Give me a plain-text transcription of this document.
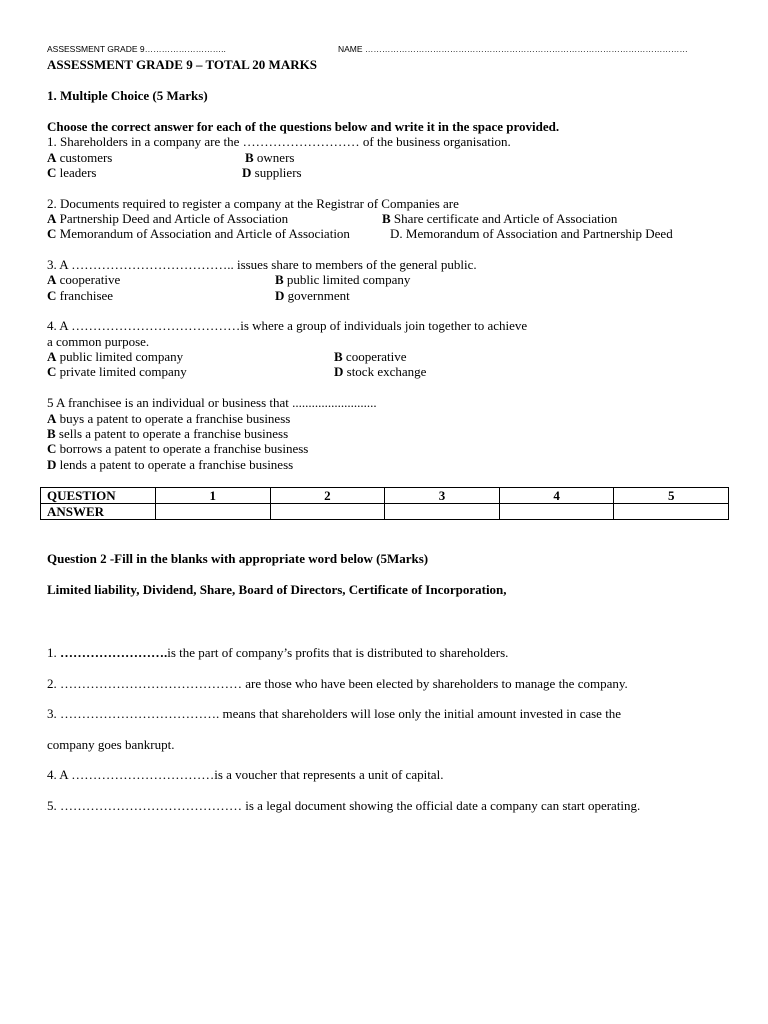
ASSESSMENT GRADE 9………………………..	NAME ……………………………………………………………………………………………………
ASSESSMENT GRADE 9 – TOTAL 20 MARKS
1. Multiple Choice (5 Marks)
Choose the correct answer for each of the questions below and write it in the space provided.
1. Shareholders in a company are the ……………………… of the business organisation.
A customers	B owners
C leaders	D suppliers
2. Documents required to register a company at the Registrar of Companies are
A Partnership Deed and Article of Association	B Share certificate and Article of Association
C Memorandum of Association and Article of Association	D. Memorandum of Association and Partnership Deed
3. A ……………………………….. issues share to members of the general public.
A cooperative	B public limited company
C franchisee	D government
4. A …………………………………is where a group of individuals join together to achieve
a common purpose.
A public limited company	B cooperative
C private limited company	D stock exchange
5 A franchisee is an individual or business that ..........................
A buys a patent to operate a franchise business
B sells a patent to operate a franchise business
C borrows a patent to operate a franchise business
D lends a patent to operate a franchise business
QUESTION	1	2	3	4	5
ANSWER					
Question 2 -Fill in the blanks with appropriate word below (5Marks)
Limited liability, Dividend, Share, Board of Directors, Certificate of Incorporation,
1. …………………….is the part of company’s profits that is distributed to shareholders.
2. …………………………………… are those who have been elected by shareholders to manage the company.
3. ………………………………. means that shareholders will lose only the initial amount invested in case the
company goes bankrupt.
4. A ……………………………is a voucher that represents a unit of capital.
5. …………………………………… is a legal document showing the official date a company can start operating.
